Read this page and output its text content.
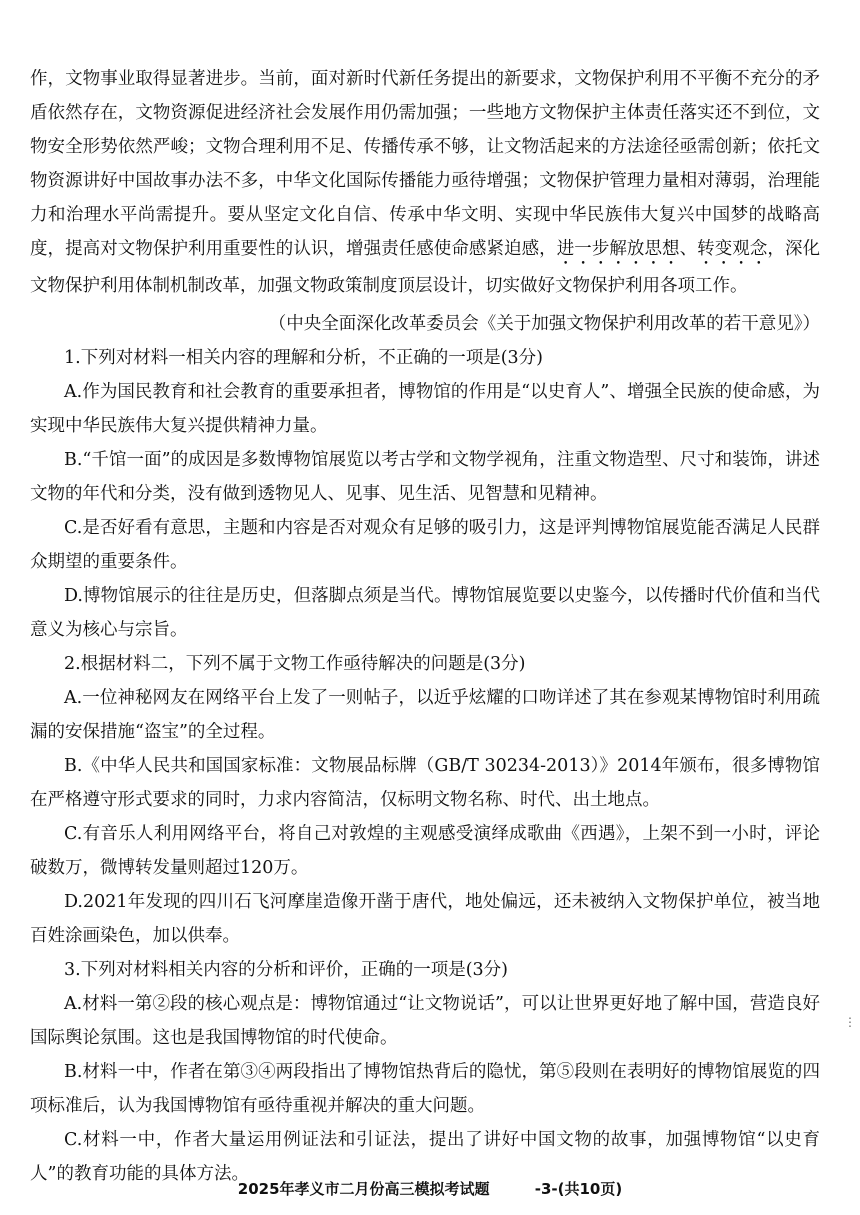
作，文物事业取得显著进步。当前，面对新时代新任务提出的新要求，文物保护利用不平衡不充分的矛盾依然存在，文物资源促进经济社会发展作用仍需加强；一些地方文物保护主体责任落实还不到位，文物安全形势依然严峻；文物合理利用不足、传播传承不够，让文物活起来的方法途径亟需创新；依托文物资源讲好中国故事办法不多，中华文化国际传播能力亟待增强；文物保护管理力量相对薄弱，治理能力和治理水平尚需提升。要从坚定文化自信、传承中华文明、实现中华民族伟大复兴中国梦的战略高度，提高对文物保护利用重要性的认识，增强责任感使命感紧迫感，进一步解放思想、转变观念，深化文物保护利用体制机制改革，加强文物政策制度顶层设计，切实做好文物保护利用各项工作。

（中央全面深化改革委员会《关于加强文物保护利用改革的若干意见》）

1.下列对材料一相关内容的理解和分析，不正确的一项是(3分)

A.作为国民教育和社会教育的重要承担者，博物馆的作用是“以史育人”、增强全民族的使命感，为实现中华民族伟大复兴提供精神力量。

B.“千馆一面”的成因是多数博物馆展览以考古学和文物学视角，注重文物造型、尺寸和装饰，讲述文物的年代和分类，没有做到透物见人、见事、见生活、见智慧和见精神。

C.是否好看有意思，主题和内容是否对观众有足够的吸引力，这是评判博物馆展览能否满足人民群众期望的重要条件。

D.博物馆展示的往往是历史，但落脚点须是当代。博物馆展览要以史鉴今，以传播时代价值和当代意义为核心与宗旨。

2.根据材料二，下列不属于文物工作亟待解决的问题是(3分)

A.一位神秘网友在网络平台上发了一则帖子，以近乎炫耀的口吻详述了其在参观某博物馆时利用疏漏的安保措施“盗宝”的全过程。

B.《中华人民共和国国家标准：文物展品标牌（GB/T 30234-2013）》2014年颁布，很多博物馆在严格遵守形式要求的同时，力求内容简洁，仅标明文物名称、时代、出土地点。

C.有音乐人利用网络平台，将自己对敦煌的主观感受演绎成歌曲《西遇》，上架不到一小时，评论破数万，微博转发量则超过120万。

D.2021年发现的四川石飞河摩崖造像开凿于唐代，地处偏远，还未被纳入文物保护单位，被当地百姓涂画染色，加以供奉。

3.下列对材料相关内容的分析和评价，正确的一项是(3分)

A.材料一第②段的核心观点是：博物馆通过“让文物说话”，可以让世界更好地了解中国，营造良好国际舆论氛围。这也是我国博物馆的时代使命。

B.材料一中，作者在第③④两段指出了博物馆热背后的隐忧，第⑤段则在表明好的博物馆展览的四项标准后，认为我国博物馆有亟待重视并解决的重大问题。

C.材料一中，作者大量运用例证法和引证法，提出了讲好中国文物的故事，加强博物馆“以史育人”的教育功能的具体方法。

⋮
2025年孝义市二月份高三模拟考试题	-3-(共10页)
